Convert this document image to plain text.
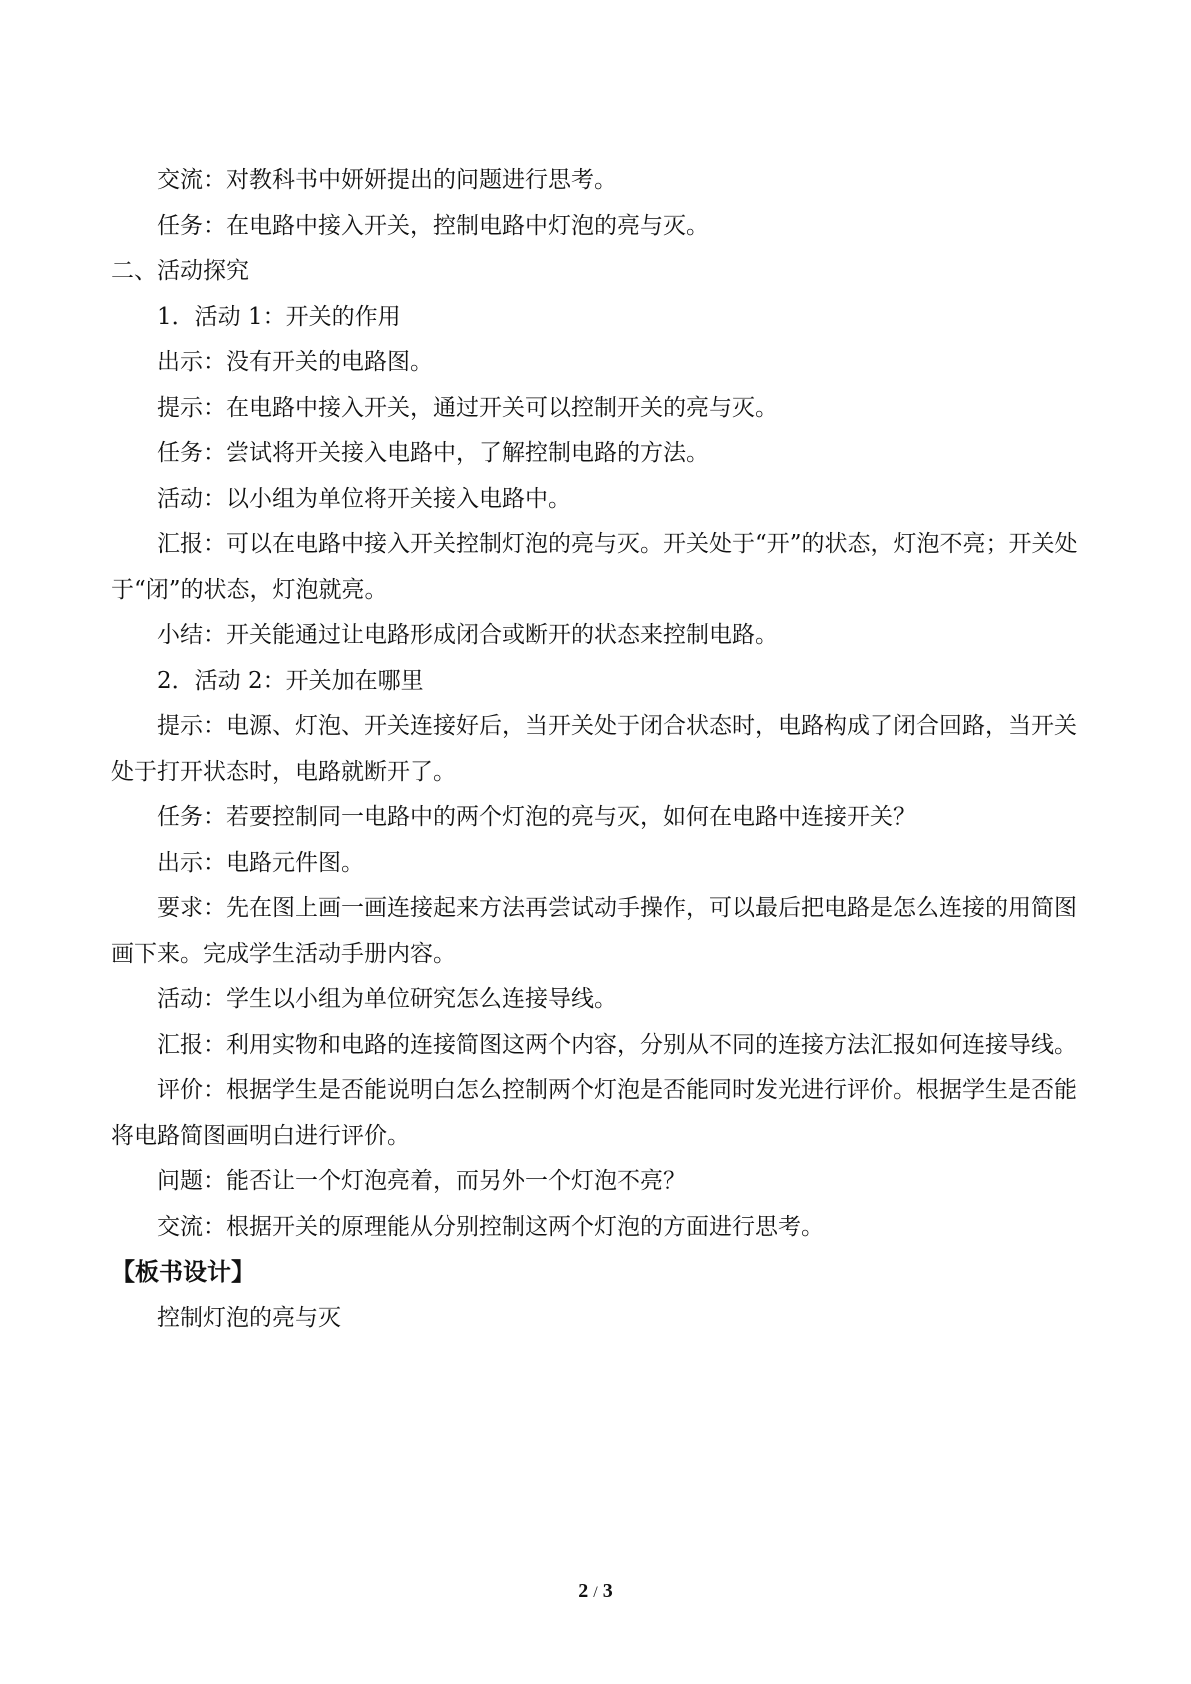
交流：对教科书中妍妍提出的问题进行思考。

任务：在电路中接入开关，控制电路中灯泡的亮与灭。

二、活动探究

1．活动 1：开关的作用

出示：没有开关的电路图。

提示：在电路中接入开关，通过开关可以控制开关的亮与灭。

任务：尝试将开关接入电路中，了解控制电路的方法。

活动：以小组为单位将开关接入电路中。

汇报：可以在电路中接入开关控制灯泡的亮与灭。开关处于“开”的状态，灯泡不亮；开关处于“闭”的状态，灯泡就亮。

小结：开关能通过让电路形成闭合或断开的状态来控制电路。

2．活动 2：开关加在哪里

提示：电源、灯泡、开关连接好后，当开关处于闭合状态时，电路构成了闭合回路，当开关处于打开状态时，电路就断开了。

任务：若要控制同一电路中的两个灯泡的亮与灭，如何在电路中连接开关？

出示：电路元件图。

要求：先在图上画一画连接起来方法再尝试动手操作，可以最后把电路是怎么连接的用简图画下来。完成学生活动手册内容。

活动：学生以小组为单位研究怎么连接导线。

汇报：利用实物和电路的连接简图这两个内容，分别从不同的连接方法汇报如何连接导线。

评价：根据学生是否能说明白怎么控制两个灯泡是否能同时发光进行评价。根据学生是否能将电路简图画明白进行评价。

问题：能否让一个灯泡亮着，而另外一个灯泡不亮？

交流：根据开关的原理能从分别控制这两个灯泡的方面进行思考。

【板书设计】

控制灯泡的亮与灭

2 / 3
